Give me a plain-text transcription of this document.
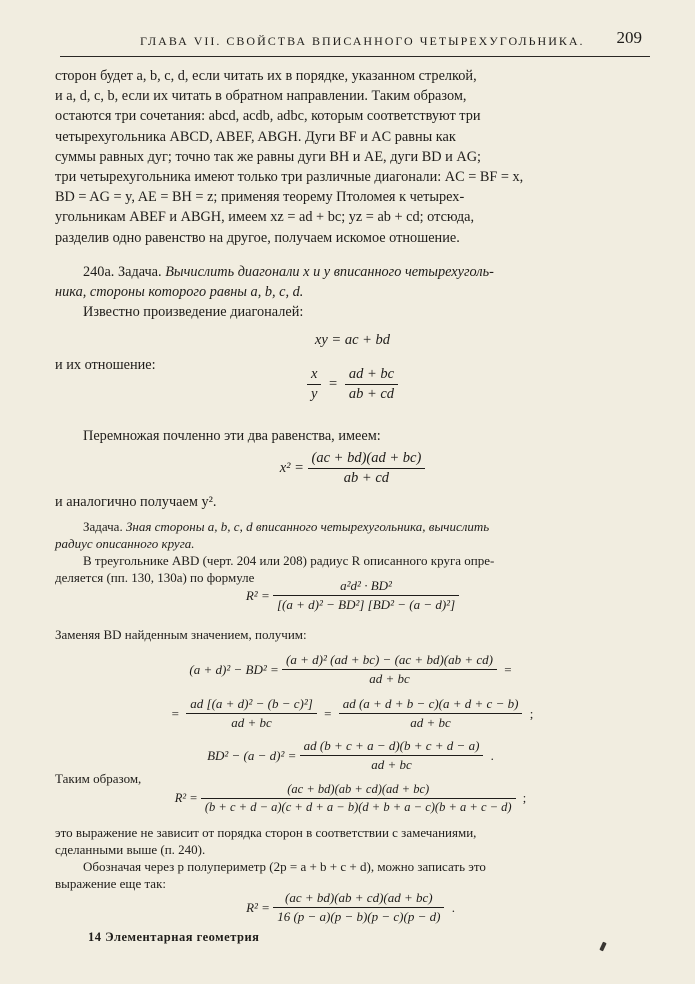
ГЛАВА VII. СВОЙСТВА ВПИСАННОГО ЧЕТЫРЕХУГОЛЬНИКА. 209
сторон будет a, b, c, d, если читать их в порядке, указанном стрелкой,
и a, d, c, b, если их читать в обратном направлении. Таким образом,
остаются три сочетания: abcd, acdb, adbc, которым соответствуют три
четырехугольника ABCD, ABEF, ABGH. Дуги BF и AC равны как
суммы равных дуг; точно так же равны дуги BH и AE, дуги BD и AG;
три четырехугольника имеют только три различные диагонали: AC = BF = x,
BD = AG = y, AE = BH = z; применяя теорему Птоломея к четырех-
угольникам ABEF и ABGH, имеем xz = ad + bc; yz = ab + cd; отсюда,
разделив одно равенство на другое, получаем искомое отношение.
240а. Задача. Вычислить диагонали x и y вписанного четырехуголь-
ника, стороны которого равны a, b, c, d.
Известно произведение диагоналей:
xy = ac + bd
и их отношение:
$\frac{x}{y} = \frac{ad + bc}{ab + cd}$
Перемножая почленно эти два равенства, имеем:
$x^2 = \frac{(ac + bd)(ad + bc)}{ab + cd}$
и аналогично получаем y².
Задача. Зная стороны a, b, c, d вписанного четырехугольника, вычислить
радиус описанного круга.
В треугольнике ABD (черт. 204 или 208) радиус R описанного круга опре-
деляется (пп. 130, 130а) по формуле
$R^2 = \frac{\text{a²d² · BD²}}{\text{[(a + d)² − BD²] [BD² − (a − d)²]}}$
Заменяя BD найденным значением, получим:
$(a + d)^2 - BD^2 = \frac{\text{(a + d)² (ad + bc) − (ac + bd)(ab + cd)}}{ad + bc}$ =
= $\frac{\text{ad [(a + d)² − (b − c)²]}}{ad + bc} = \frac{ad (a + d + b - c)(a + d + c - b)}{ad + bc}$ ;
$BD^2 - (a - d)^2 = \frac{ad (b + c + a - d)(b + c + d - a)}{ad + bc}$ .
Таким образом,
$R^2 = \frac{(ac + bd)(ab + cd)(ad + bc)}{(b + c + d - a)(c + d + a - b)(d + b + a - c)(b + a + c - d)}$ ;
это выражение не зависит от порядка сторон в соответствии с замечаниями,
сделанными выше (п. 240).
Обозначая через p полупериметр (2p = a + b + c + d), можно записать это
выражение еще так:
$R^2 = \frac{(ac + bd)(ab + cd)(ad + bc)}{16 (p - a)(p - b)(p - c)(p - d)}$ .
14 Элементарная геометрия
